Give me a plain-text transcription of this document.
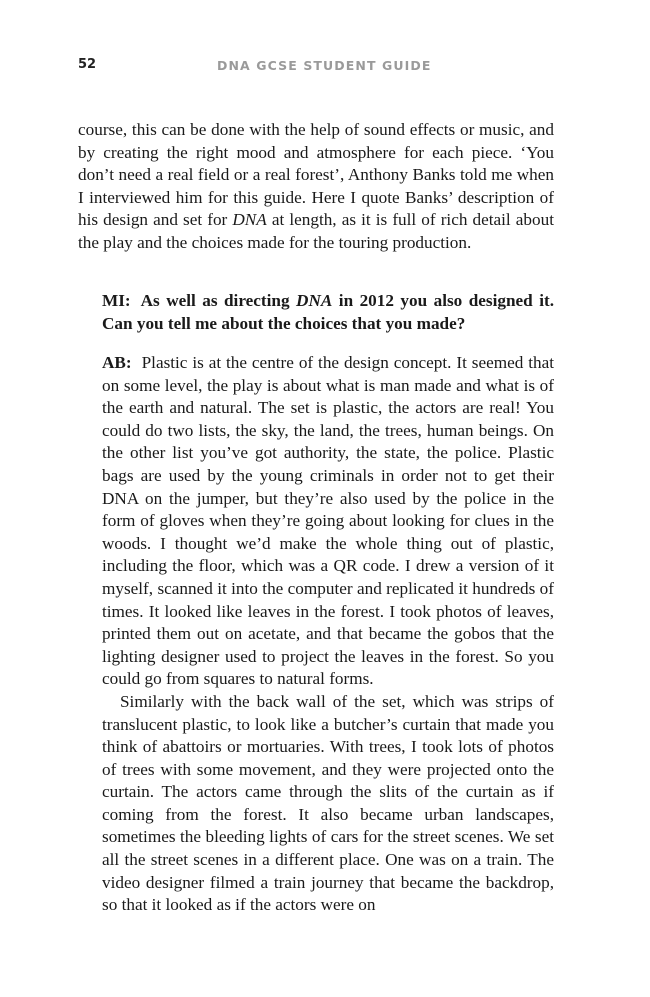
52	DNA GCSE STUDENT GUIDE

course, this can be done with the help of sound effects or music, and by creating the right mood and atmosphere for each piece. ‘You don’t need a real field or a real forest’, Anthony Banks told me when I interviewed him for this guide. Here I quote Banks’ description of his design and set for DNA at length, as it is full of rich detail about the play and the choices made for the touring production.

MI: As well as directing DNA in 2012 you also designed it. Can you tell me about the choices that you made?

AB: Plastic is at the centre of the design concept. It seemed that on some level, the play is about what is man made and what is of the earth and natural. The set is plastic, the actors are real! You could do two lists, the sky, the land, the trees, human beings. On the other list you’ve got authority, the state, the police. Plastic bags are used by the young criminals in order not to get their DNA on the jumper, but they’re also used by the police in the form of gloves when they’re going about looking for clues in the woods. I thought we’d make the whole thing out of plastic, including the floor, which was a QR code. I drew a version of it myself, scanned it into the computer and replicated it hundreds of times. It looked like leaves in the forest. I took photos of leaves, printed them out on acetate, and that became the gobos that the lighting designer used to project the leaves in the forest. So you could go from squares to natural forms.

Similarly with the back wall of the set, which was strips of translucent plastic, to look like a butcher’s curtain that made you think of abattoirs or mortuaries. With trees, I took lots of photos of trees with some movement, and they were projected onto the curtain. The actors came through the slits of the curtain as if coming from the forest. It also became urban landscapes, sometimes the bleeding lights of cars for the street scenes. We set all the street scenes in a different place. One was on a train. The video designer filmed a train journey that became the backdrop, so that it looked as if the actors were on
